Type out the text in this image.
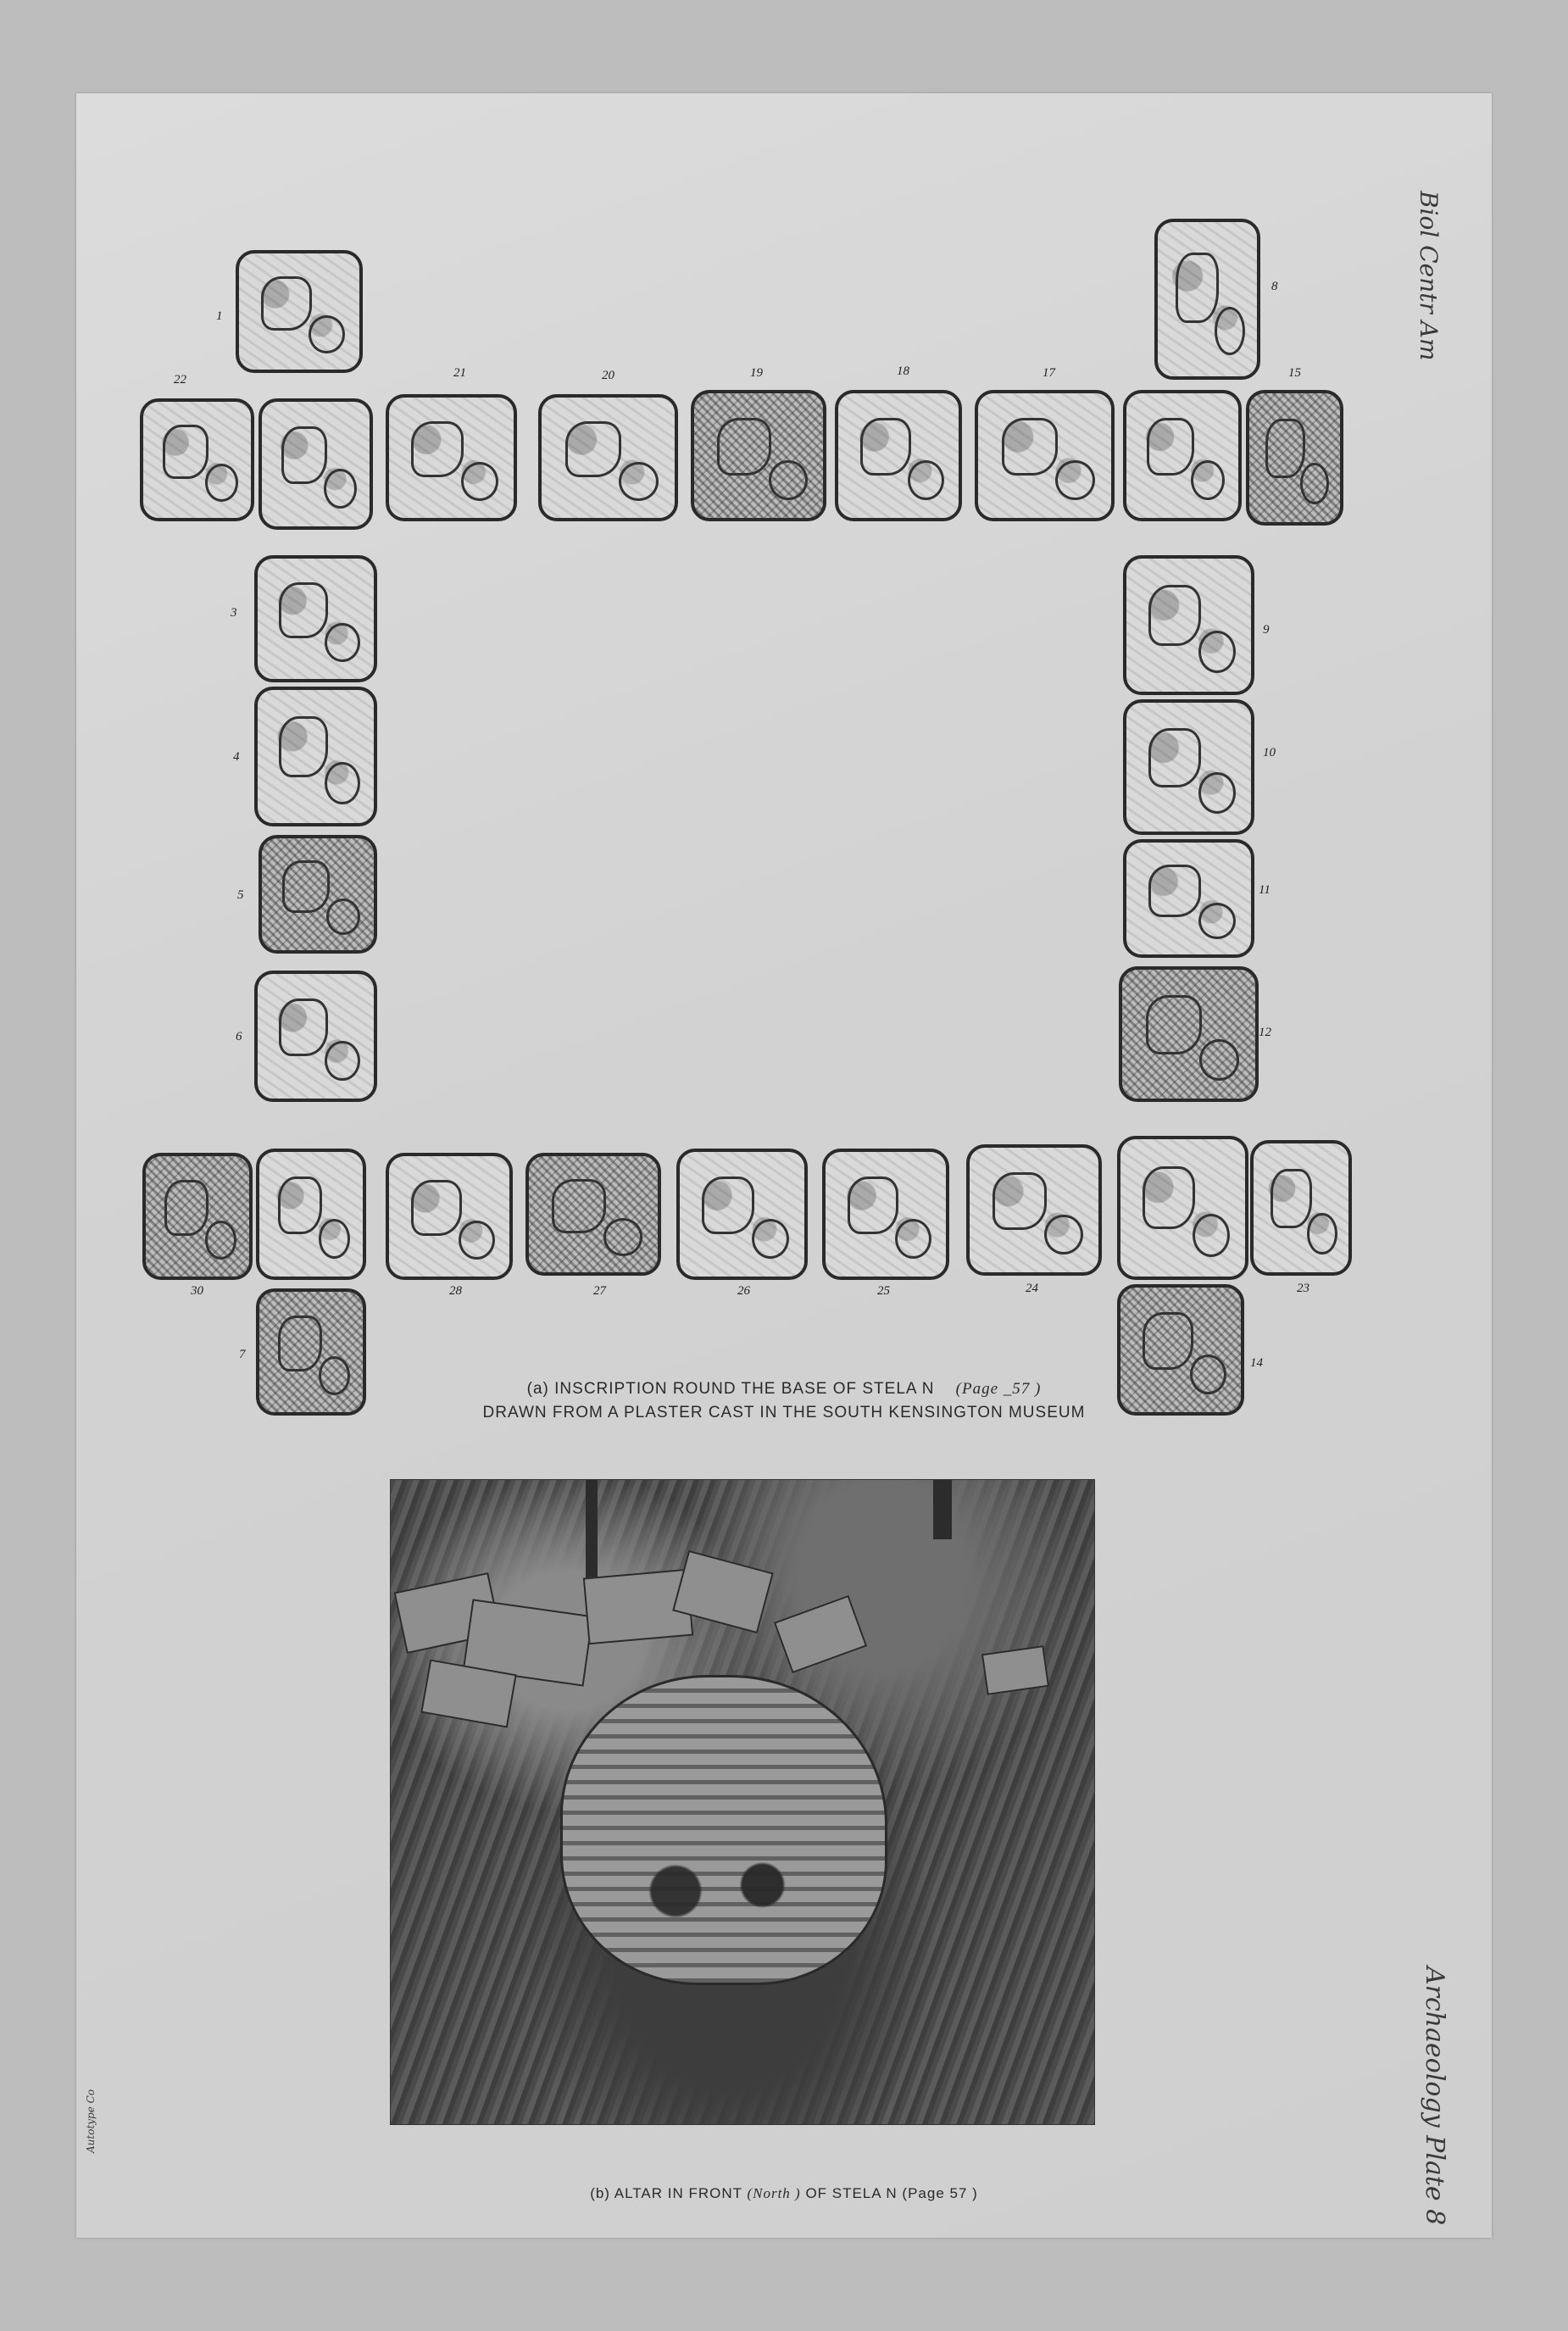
Biol Centr Am
Archaeology Plate 8
Autotype Co
1
8
22	21	20	19	18	17	15
3
4
5
6
9
10
11
12
30	28	27	26	25	24	23
7
14
(a) INSCRIPTION ROUND THE BASE OF STELA N (Page _57 )
DRAWN FROM A PLASTER CAST IN THE SOUTH KENSINGTON MUSEUM
(b) ALTAR IN FRONT (North ) OF STELA N (Page 57 )
